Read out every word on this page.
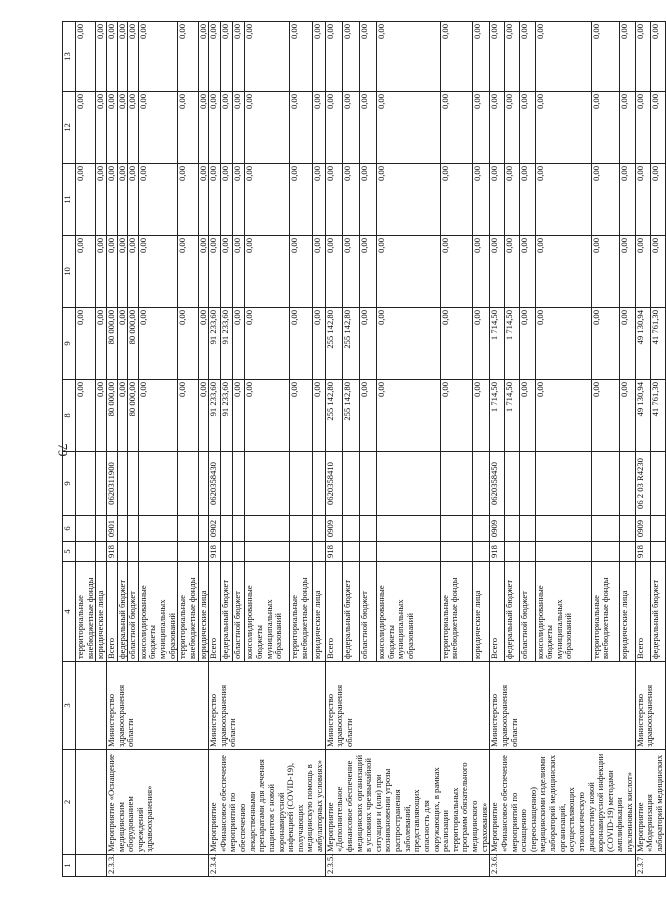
79
1	2	3	4	5	6	9	8	9	10	11	12	13
			территориальные внебюджетные фонды				0,00	0,00	0,00	0,00	0,00	0,00
			юридические лица				0,00	0,00	0,00	0,00	0,00	0,00
2.3.3.	Мероприятие «Оснащение медицинским оборудованием учреждений здравоохранения»	Министерство здравоохранения области	Всего	918	0901	0620311900	80 000,00	80 000,00	0,00	0,00	0,00	0,00
			федеральный бюджет				0,00	0,00	0,00	0,00	0,00	0,00
			областной бюджет				80 000,00	80 000,00	0,00	0,00	0,00	0,00
			консолидированные бюджеты муниципальных образований				0,00	0,00	0,00	0,00	0,00	0,00
			территориальные внебюджетные фонды				0,00	0,00	0,00	0,00	0,00	0,00
			юридические лица				0,00	0,00	0,00	0,00	0,00	0,00
2.3.4.	Мероприятие «Финансовое обеспечение мероприятий по обеспечению лекарственными препаратами для лечения пациентов с новой коронавирусной инфекцией (COVID-19), получающих медицинскую помощь в амбулаторных условиях»	Министерство здравоохранения области	Всего	918	0902	0620358430	91 233,60	91 233,60	0,00	0,00	0,00	0,00
			федеральный бюджет				91 233,60	91 233,60	0,00	0,00	0,00	0,00
			областной бюджет				0,00	0,00	0,00	0,00	0,00	0,00
			консолидированные бюджеты муниципальных образований				0,00	0,00	0,00	0,00	0,00	0,00
			территориальные внебюджетные фонды				0,00	0,00	0,00	0,00	0,00	0,00
			юридические лица				0,00	0,00	0,00	0,00	0,00	0,00
2.3.5.	Мероприятие «Дополнительное финансовое обеспечение медицинских организаций в условиях чрезвычайной ситуации и (или) при возникновении угрозы распространения заболеваний, представляющих опасность для окружающих, в рамках реализации территориальных программ обязательного медицинского страхования»	Министерство здравоохранения области	Всего	918	0909	0620358410	255 142,80	255 142,80	0,00	0,00	0,00	0,00
			федеральный бюджет				255 142,80	255 142,80	0,00	0,00	0,00	0,00
			областной бюджет				0,00	0,00	0,00	0,00	0,00	0,00
			консолидированные бюджеты муниципальных образований				0,00	0,00	0,00	0,00	0,00	0,00
			территориальные внебюджетные фонды				0,00	0,00	0,00	0,00	0,00	0,00
			юридические лица				0,00	0,00	0,00	0,00	0,00	0,00
2.3.6.	Мероприятие «Финансовое обеспечение мероприятий по оснащению (переоснащению) медицинскими изделиями лабораторий медицинских организаций, осуществляющих этиологическую диагностику новой коронавирусной инфекции (COVID-19) методами амплификации нуклеиновых кислот»	Министерство здравоохранения области	Всего	918	0909	0620358450	1 714,50	1 714,50	0,00	0,00	0,00	0,00
			федеральный бюджет				1 714,50	1 714,50	0,00	0,00	0,00	0,00
			областной бюджет				0,00	0,00	0,00	0,00	0,00	0,00
			консолидированные бюджеты муниципальных образований				0,00	0,00	0,00	0,00	0,00	0,00
			территориальные внебюджетные фонды				0,00	0,00	0,00	0,00	0,00	0,00
			юридические лица				0,00	0,00	0,00	0,00	0,00	0,00
2.3.7	Мероприятие «Модернизация лабораторий медицинских	Министерство здравоохранения	Всего	918	0909	06 2 03 R4230	49 130,94	49 130,94	0,00	0,00	0,00	0,00
			федеральный бюджет				41 761,30	41 761,30	0,00	0,00	0,00	0,00
